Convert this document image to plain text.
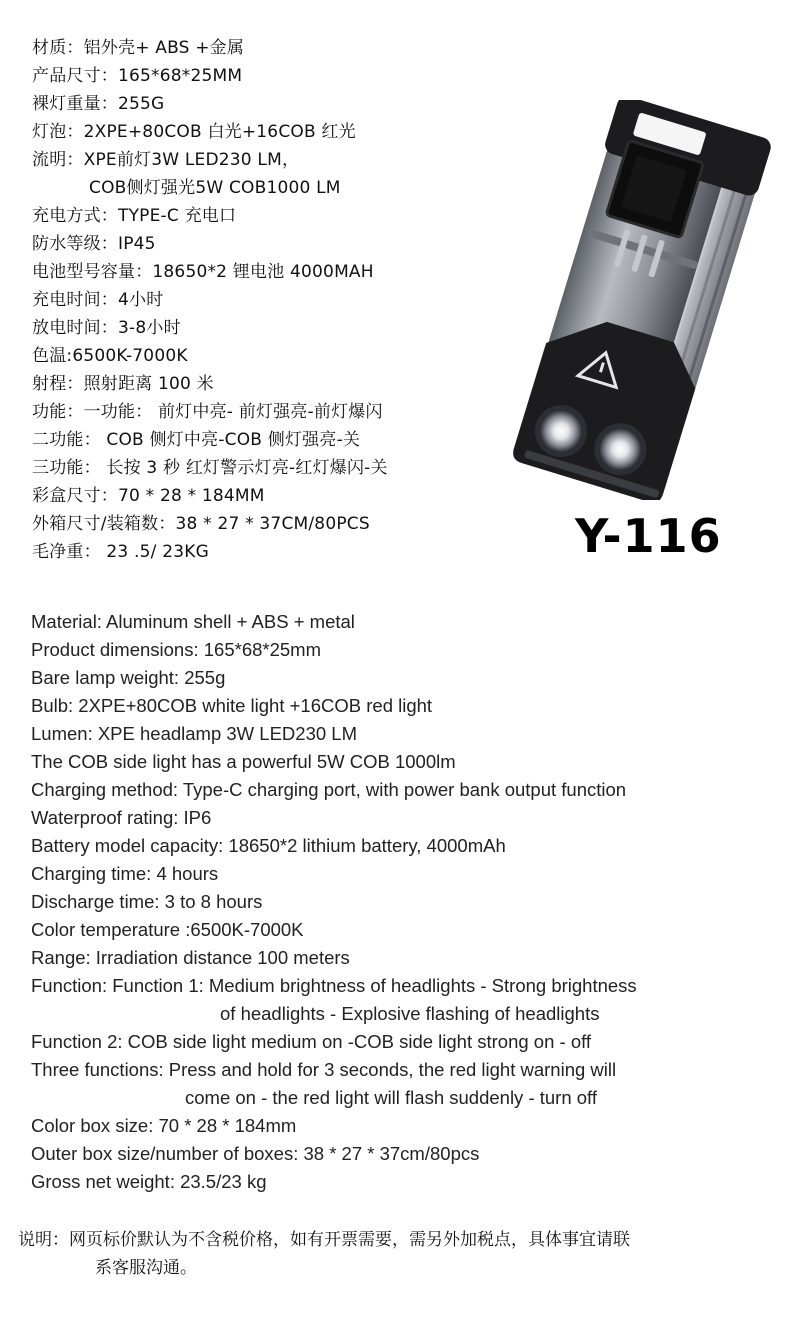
材质：铝外壳+ ABS +金属
产品尺寸：165*68*25MM
裸灯重量：255G
灯泡：2XPE+80COB 白光+16COB 红光
流明：XPE前灯3W LED230 LM，
COB侧灯强光5W COB1000 LM
充电方式：TYPE-C 充电口
防水等级：IP45
电池型号容量：18650*2 锂电池 4000MAH
充电时间：4小时
放电时间：3-8小时
色温:6500K-7000K
射程：照射距离 100 米
功能：一功能： 前灯中亮- 前灯强亮-前灯爆闪
二功能： COB 侧灯中亮-COB 侧灯强亮-关
三功能： 长按 3 秒 红灯警示灯亮-红灯爆闪-关
彩盒尺寸：70 * 28 * 184MM
外箱尺寸/装箱数：38 * 27 * 37CM/80PCS
毛净重： 23 .5/ 23KG	Y-116
Material: Aluminum shell + ABS + metal
Product dimensions: 165*68*25mm
Bare lamp weight: 255g
Bulb: 2XPE+80COB white light +16COB red light
Lumen: XPE headlamp 3W LED230 LM
The COB side light has a powerful 5W COB 1000lm
Charging method: Type-C charging port, with power bank output function
Waterproof rating: IP6
Battery model capacity: 18650*2 lithium battery, 4000mAh
Charging time: 4 hours
Discharge time: 3 to 8 hours
Color temperature :6500K-7000K
Range: Irradiation distance 100 meters
Function: Function 1: Medium brightness of headlights - Strong brightness
of headlights - Explosive flashing of headlights
Function 2: COB side light medium on -COB side light strong on - off
Three functions: Press and hold for 3 seconds, the red light warning will
come on - the red light will flash suddenly - turn off
Color box size: 70 * 28 * 184mm
Outer box size/number of boxes: 38 * 27 * 37cm/80pcs
Gross net weight: 23.5/23 kg
说明：网页标价默认为不含税价格，如有开票需要，需另外加税点，具体事宜请联
系客服沟通。
